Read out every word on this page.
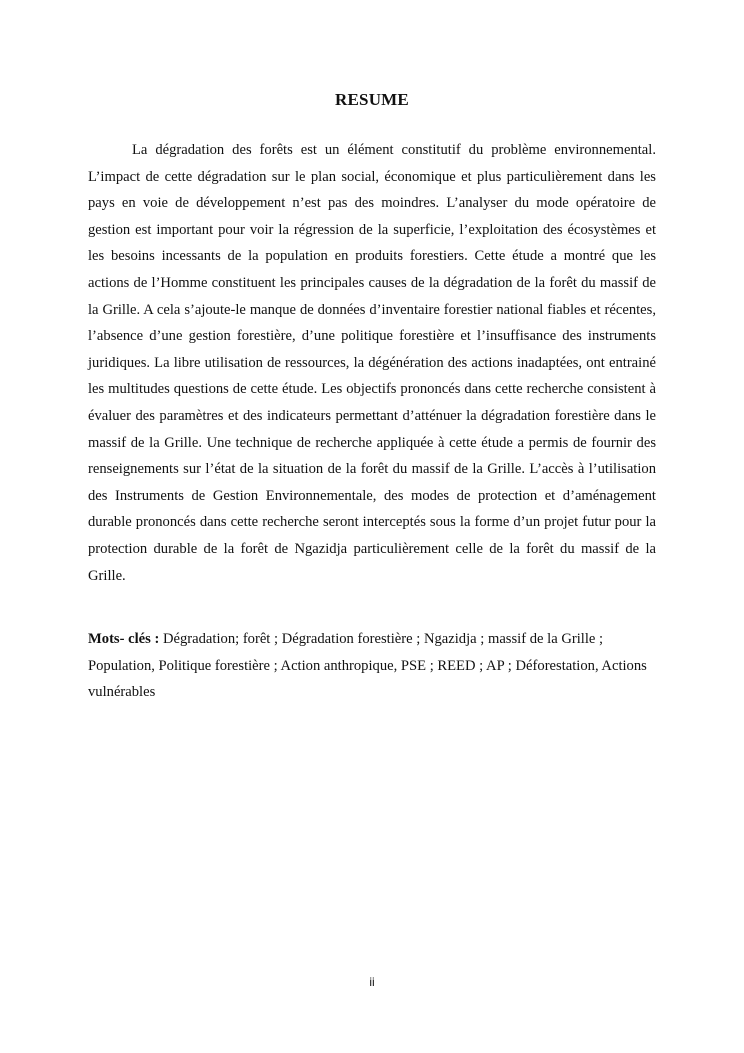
RESUME

La dégradation des forêts est un élément constitutif du problème environnemental. L’impact de cette dégradation sur le plan social, économique et plus particulièrement dans les pays en voie de développement n’est pas des moindres. L’analyser du mode opératoire de gestion est important pour voir la régression de la superficie, l’exploitation des écosystèmes et les besoins incessants de la population en produits forestiers. Cette étude a montré que les actions de l’Homme constituent les principales causes de la dégradation de la forêt du massif de la Grille. A cela s’ajoute-le manque de données d’inventaire forestier national fiables et récentes, l’absence d’une gestion forestière, d’une politique forestière et l’insuffisance des instruments juridiques. La libre utilisation de ressources, la dégénération des actions inadaptées, ont entrainé les multitudes questions de cette étude. Les objectifs prononcés dans cette recherche consistent à évaluer des paramètres et des indicateurs permettant d’atténuer la dégradation forestière dans le massif de la Grille. Une technique de recherche appliquée à cette étude a permis de fournir des renseignements sur l’état de la situation de la forêt du massif de la Grille. L’accès à l’utilisation des Instruments de Gestion Environnementale, des modes de protection et d’aménagement durable prononcés dans cette recherche seront interceptés sous la forme d’un projet futur pour la protection durable de la forêt de Ngazidja particulièrement celle de la forêt du massif de la Grille.

Mots- clés : Dégradation; forêt ; Dégradation forestière ; Ngazidja ; massif de la Grille ; Population, Politique forestière ; Action anthropique, PSE ; REED ; AP ; Déforestation, Actions vulnérables

ii
